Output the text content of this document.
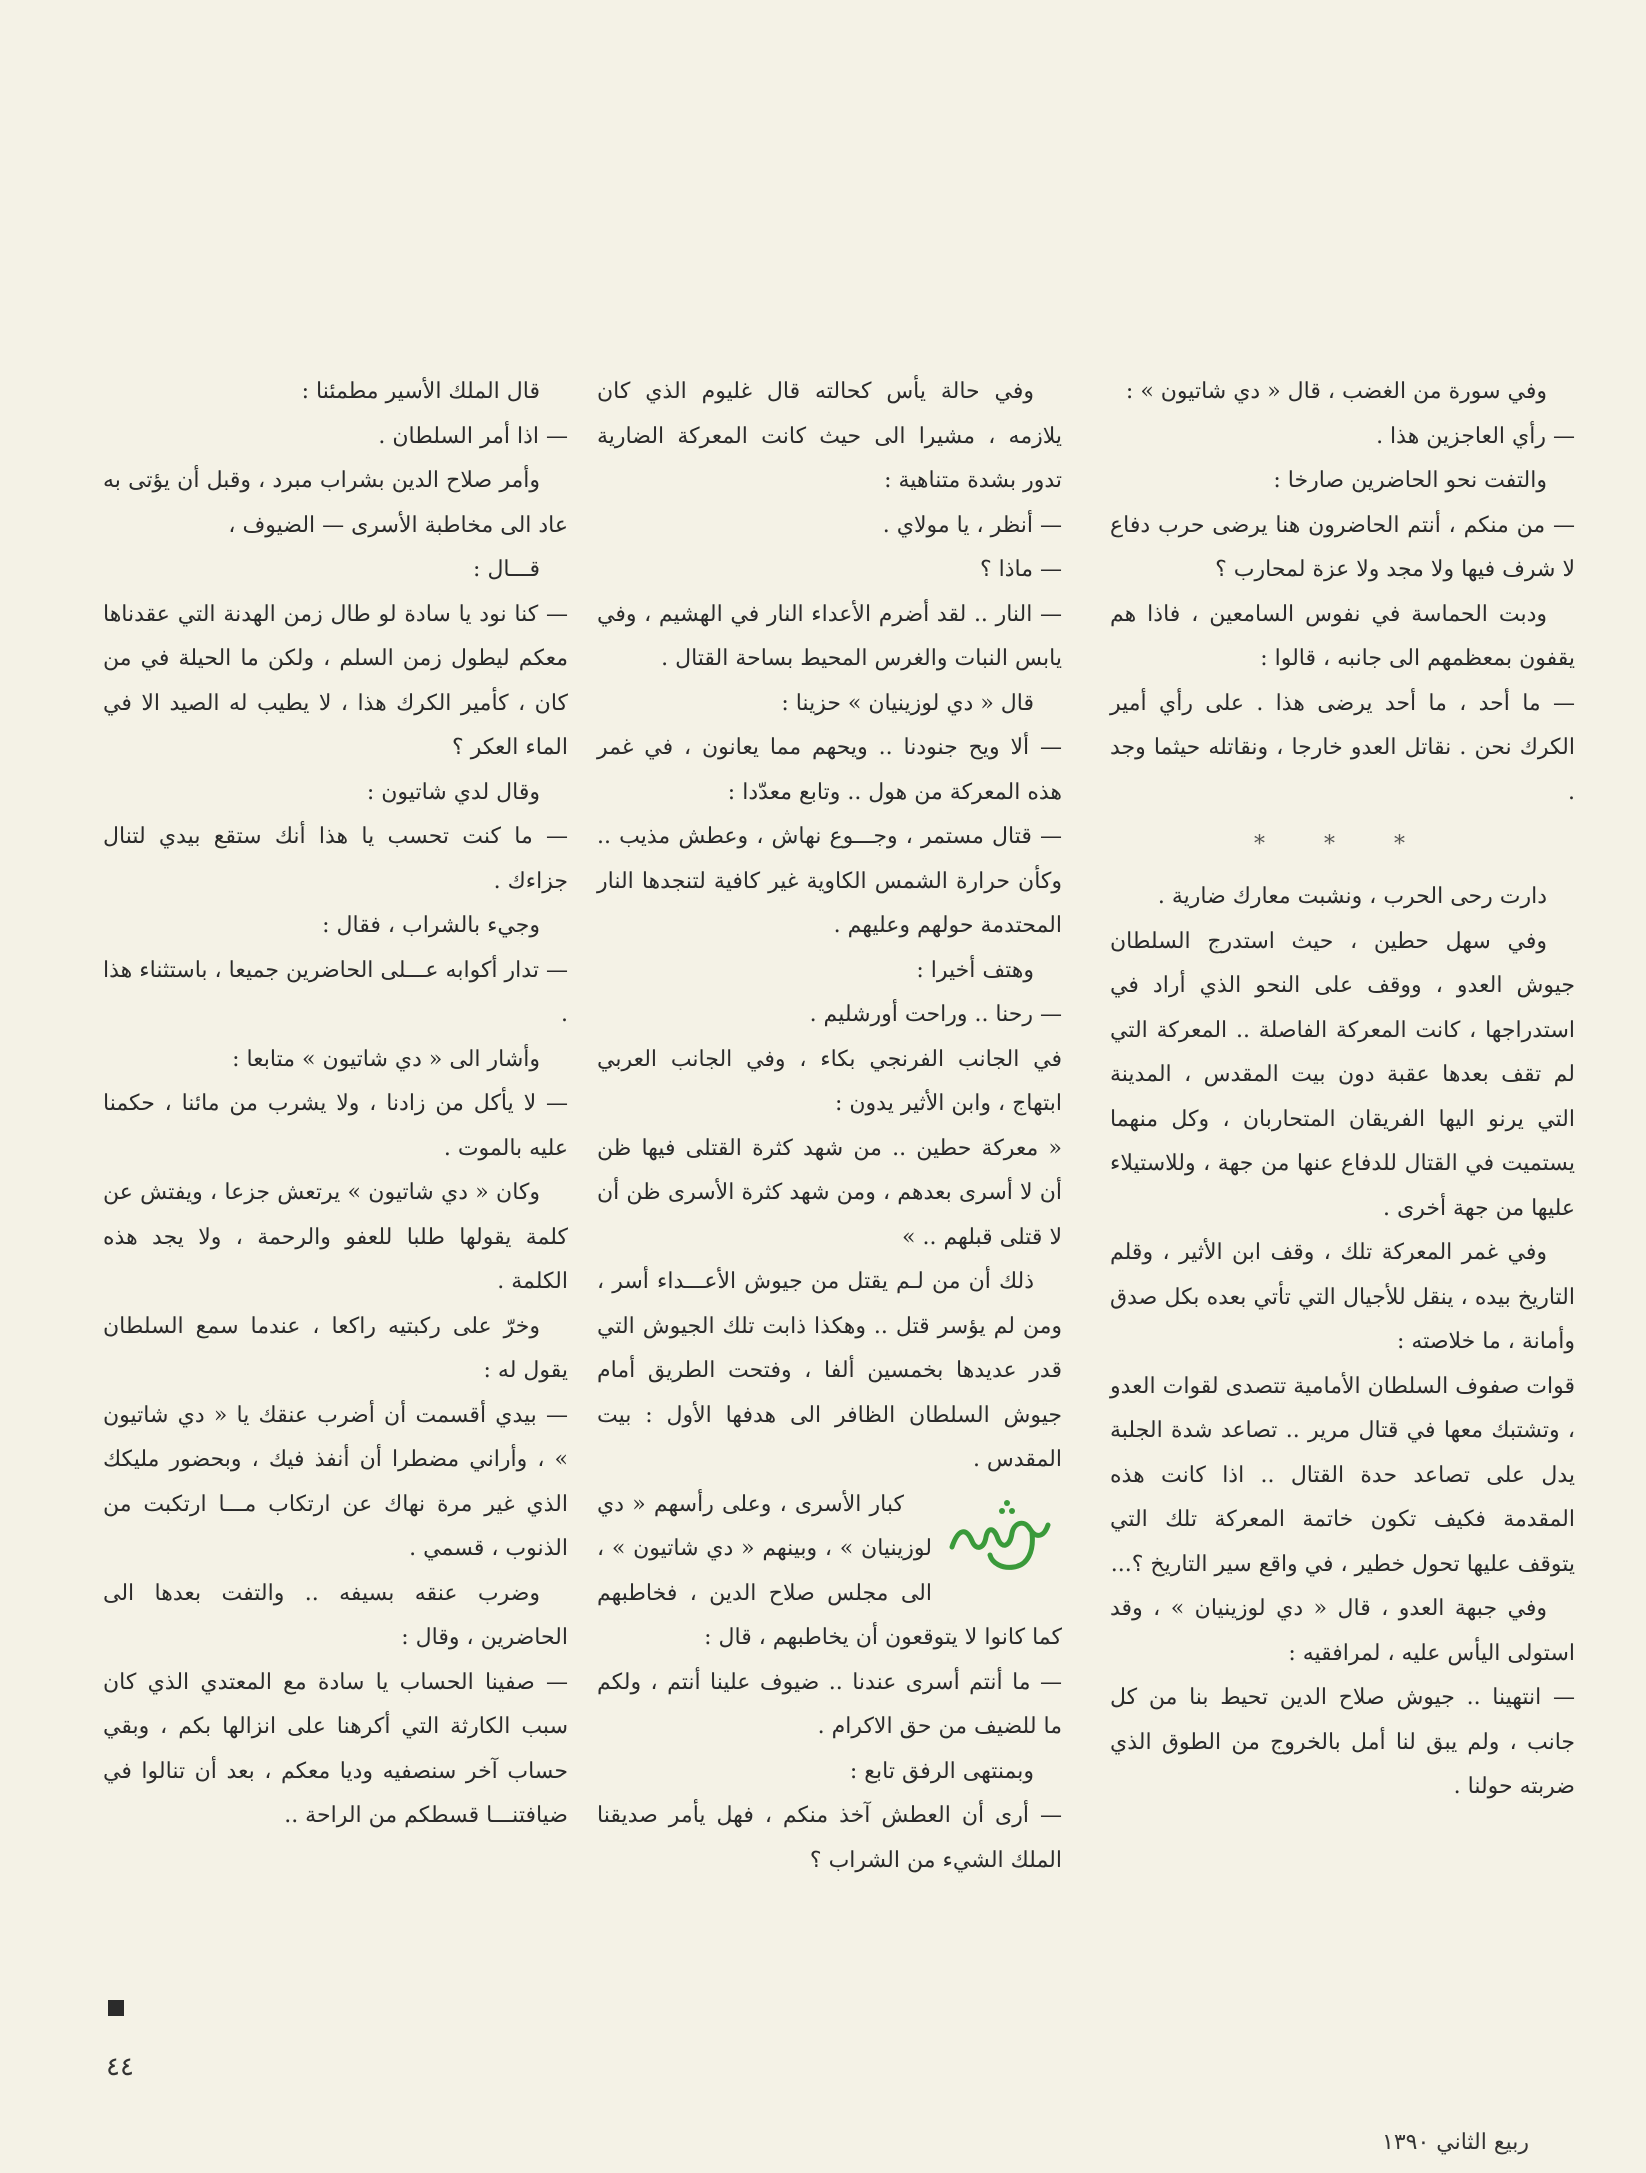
وفي سورة من الغضب ، قال « دي شاتيون » :

— رأي العاجزين هذا .

والتفت نحو الحاضرين صارخا :

— من منكم ، أنتم الحاضرون هنا يرضى حرب دفاع لا شرف فيها ولا مجد ولا عزة لمحارب ؟

ودبت الحماسة في نفوس السامعين ، فاذا هم يقفون بمعظمهم الى جانبه ، قالوا :

— ما أحد ، ما أحد يرضى هذا . على رأي أمير الكرك نحن . نقاتل العدو خارجا ، ونقاتله حيثما وجد .

* * *

دارت رحى الحرب ، ونشبت معارك ضارية .

وفي سهل حطين ، حيث استدرج السلطان جيوش العدو ، ووقف على النحو الذي أراد في استدراجها ، كانت المعركة الفاصلة .. المعركة التي لم تقف بعدها عقبة دون بيت المقدس ، المدينة التي يرنو اليها الفريقان المتحاربان ، وكل منهما يستميت في القتال للدفاع عنها من جهة ، وللاستيلاء عليها من جهة أخرى .

وفي غمر المعركة تلك ، وقف ابن الأثير ، وقلم التاريخ بيده ، ينقل للأجيال التي تأتي بعده بكل صدق وأمانة ، ما خلاصته :

قوات صفوف السلطان الأمامية تتصدى لقوات العدو ، وتشتبك معها في قتال مرير .. تصاعد شدة الجلبة يدل على تصاعد حدة القتال .. اذا كانت هذه المقدمة فكيف تكون خاتمة المعركة تلك التي يتوقف عليها تحول خطير ، في واقع سير التاريخ ؟...

وفي جبهة العدو ، قال « دي لوزينيان » ، وقد استولى اليأس عليه ، لمرافقيه :

— انتهينا .. جيوش صلاح الدين تحيط بنا من كل جانب ، ولم يبق لنا أمل بالخروج من الطوق الذي ضربته حولنا .

وفي حالة يأس كحالته قال غليوم الذي كان يلازمه ، مشيرا الى حيث كانت المعركة الضارية تدور بشدة متناهية :

— أنظر ، يا مولاي .

— ماذا ؟

— النار .. لقد أضرم الأعداء النار في الهشيم ، وفي يابس النبات والغرس المحيط بساحة القتال .

قال « دي لوزينيان » حزينا :

— ألا ويح جنودنا .. ويحهم مما يعانون ، في غمر هذه المعركة من هول .. وتابع معدّدا :

— قتال مستمر ، وجـــوع نهاش ، وعطش مذيب .. وكأن حرارة الشمس الكاوية غير كافية لتنجدها النار المحتدمة حولهم وعليهم .

وهتف أخيرا :

— رحنا .. وراحت أورشليم .

في الجانب الفرنجي بكاء ، وفي الجانب العربي ابتهاج ، وابن الأثير يدون :

« معركة حطين .. من شهد كثرة القتلى فيها ظن أن لا أسرى بعدهم ، ومن شهد كثرة الأسرى ظن أن لا قتلى قبلهم .. »

ذلك أن من لـم يقتل من جيوش الأعـــداء أسر ، ومن لم يؤسر قتل .. وهكذا ذابت تلك الجيوش التي قدر عديدها بخمسين ألفا ، وفتحت الطريق أمام جيوش السلطان الظافر الى هدفها الأول : بيت المقدس .

كبار الأسرى ، وعلى رأسهم « دي لوزينيان » ، وبينهم « دي شاتيون » ، الى مجلس صلاح الدين ، فخاطبهم كما كانوا لا يتوقعون أن يخاطبهم ، قال :

— ما أنتم أسرى عندنا .. ضيوف علينا أنتم ، ولكم ما للضيف من حق الاكرام .

وبمنتهى الرفق تابع :

— أرى أن العطش آخذ منكم ، فهل يأمر صديقنا الملك الشيء من الشراب ؟

قال الملك الأسير مطمئنا :

— اذا أمر السلطان .

وأمر صلاح الدين بشراب مبرد ، وقبل أن يؤتى به عاد الى مخاطبة الأسرى — الضيوف ،

قـــال :

— كنا نود يا سادة لو طال زمن الهدنة التي عقدناها معكم ليطول زمن السلم ، ولكن ما الحيلة في من كان ، كأمير الكرك هذا ، لا يطيب له الصيد الا في الماء العكر ؟

وقال لدي شاتيون :

— ما كنت تحسب يا هذا أنك ستقع بيدي لتنال جزاءك .

وجيء بالشراب ، فقال :

— تدار أكوابه عـــلى الحاضرين جميعا ، باستثناء هذا .

وأشار الى « دي شاتيون » متابعا :

— لا يأكل من زادنا ، ولا يشرب من مائنا ، حكمنا عليه بالموت .

وكان « دي شاتيون » يرتعش جزعا ، ويفتش عن كلمة يقولها طلبا للعفو والرحمة ، ولا يجد هذه الكلمة .

وخرّ على ركبتيه راكعا ، عندما سمع السلطان يقول له :

— بيدي أقسمت أن أضرب عنقك يا « دي شاتيون » ، وأراني مضطرا أن أنفذ فيك ، وبحضور مليكك الذي غير مرة نهاك عن ارتكاب مـــا ارتكبت من الذنوب ، قسمي .

وضرب عنقه بسيفه .. والتفت بعدها الى الحاضرين ، وقال :

— صفينا الحساب يا سادة مع المعتدي الذي كان سبب الكارثة التي أكرهنا على انزالها بكم ، وبقي حساب آخر سنصفيه وديا معكم ، بعد أن تنالوا في ضيافتنـــا قسطكم من الراحة ..

٤٤
ربيع الثاني ١٣٩٠
